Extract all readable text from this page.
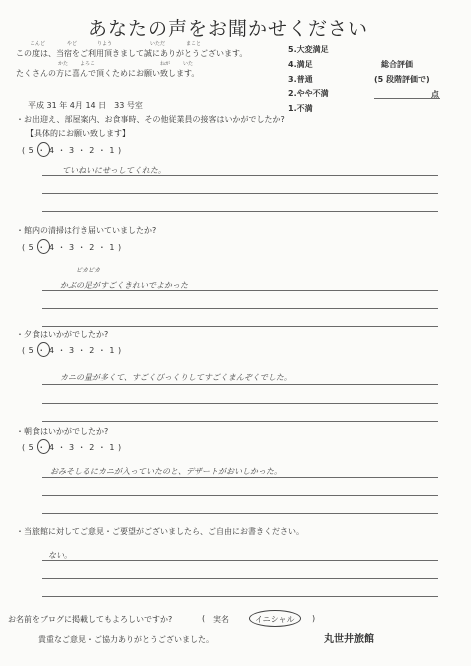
あなたの声をお聞かせください
こんど	やど	りよう	いただ	まこと
この度は、当宿をご利用頂きまして誠にありがとうございます。
かた よろこ	ねが	いた
たくさんの方に喜んで頂くためにお願い致します。
5.大変満足
4.満足
3.普通
2.やや不満
1.不満
総合評価
(5 段階評価で)
点
平成 31 年 4月 14 日　33 号室
・お出迎え、部屋案内、お食事時、その他従業員の接客はいかがでしたか?
【具体的にお願い致します】
( 5 ・ 4 ・ 3 ・ 2 ・ 1 )
ていねいにせっしてくれた。
・館内の清掃は行き届いていましたか?
( 5 ・ 4 ・ 3 ・ 2 ・ 1 )
ピカピカ
かぶの足がすごくきれいでよかった
・夕食はいかがでしたか?
( 5 ・ 4 ・ 3 ・ 2 ・ 1 )
カニの量が多くて、すごくびっくりしてすごくまんぞくでした。
・朝食はいかがでしたか?
( 5 ・ 4 ・ 3 ・ 2 ・ 1 )
おみそしるにカニが入っていたのと、デザートがおいしかった。
・当旅館に対してご意見・ご要望がございましたら、ご自由にお書きください。
ない。
お名前をブログに掲載してもよろしいですか?	( 実名	イニシャル )
貴重なご意見・ご協力ありがとうございました。	丸世井旅館
